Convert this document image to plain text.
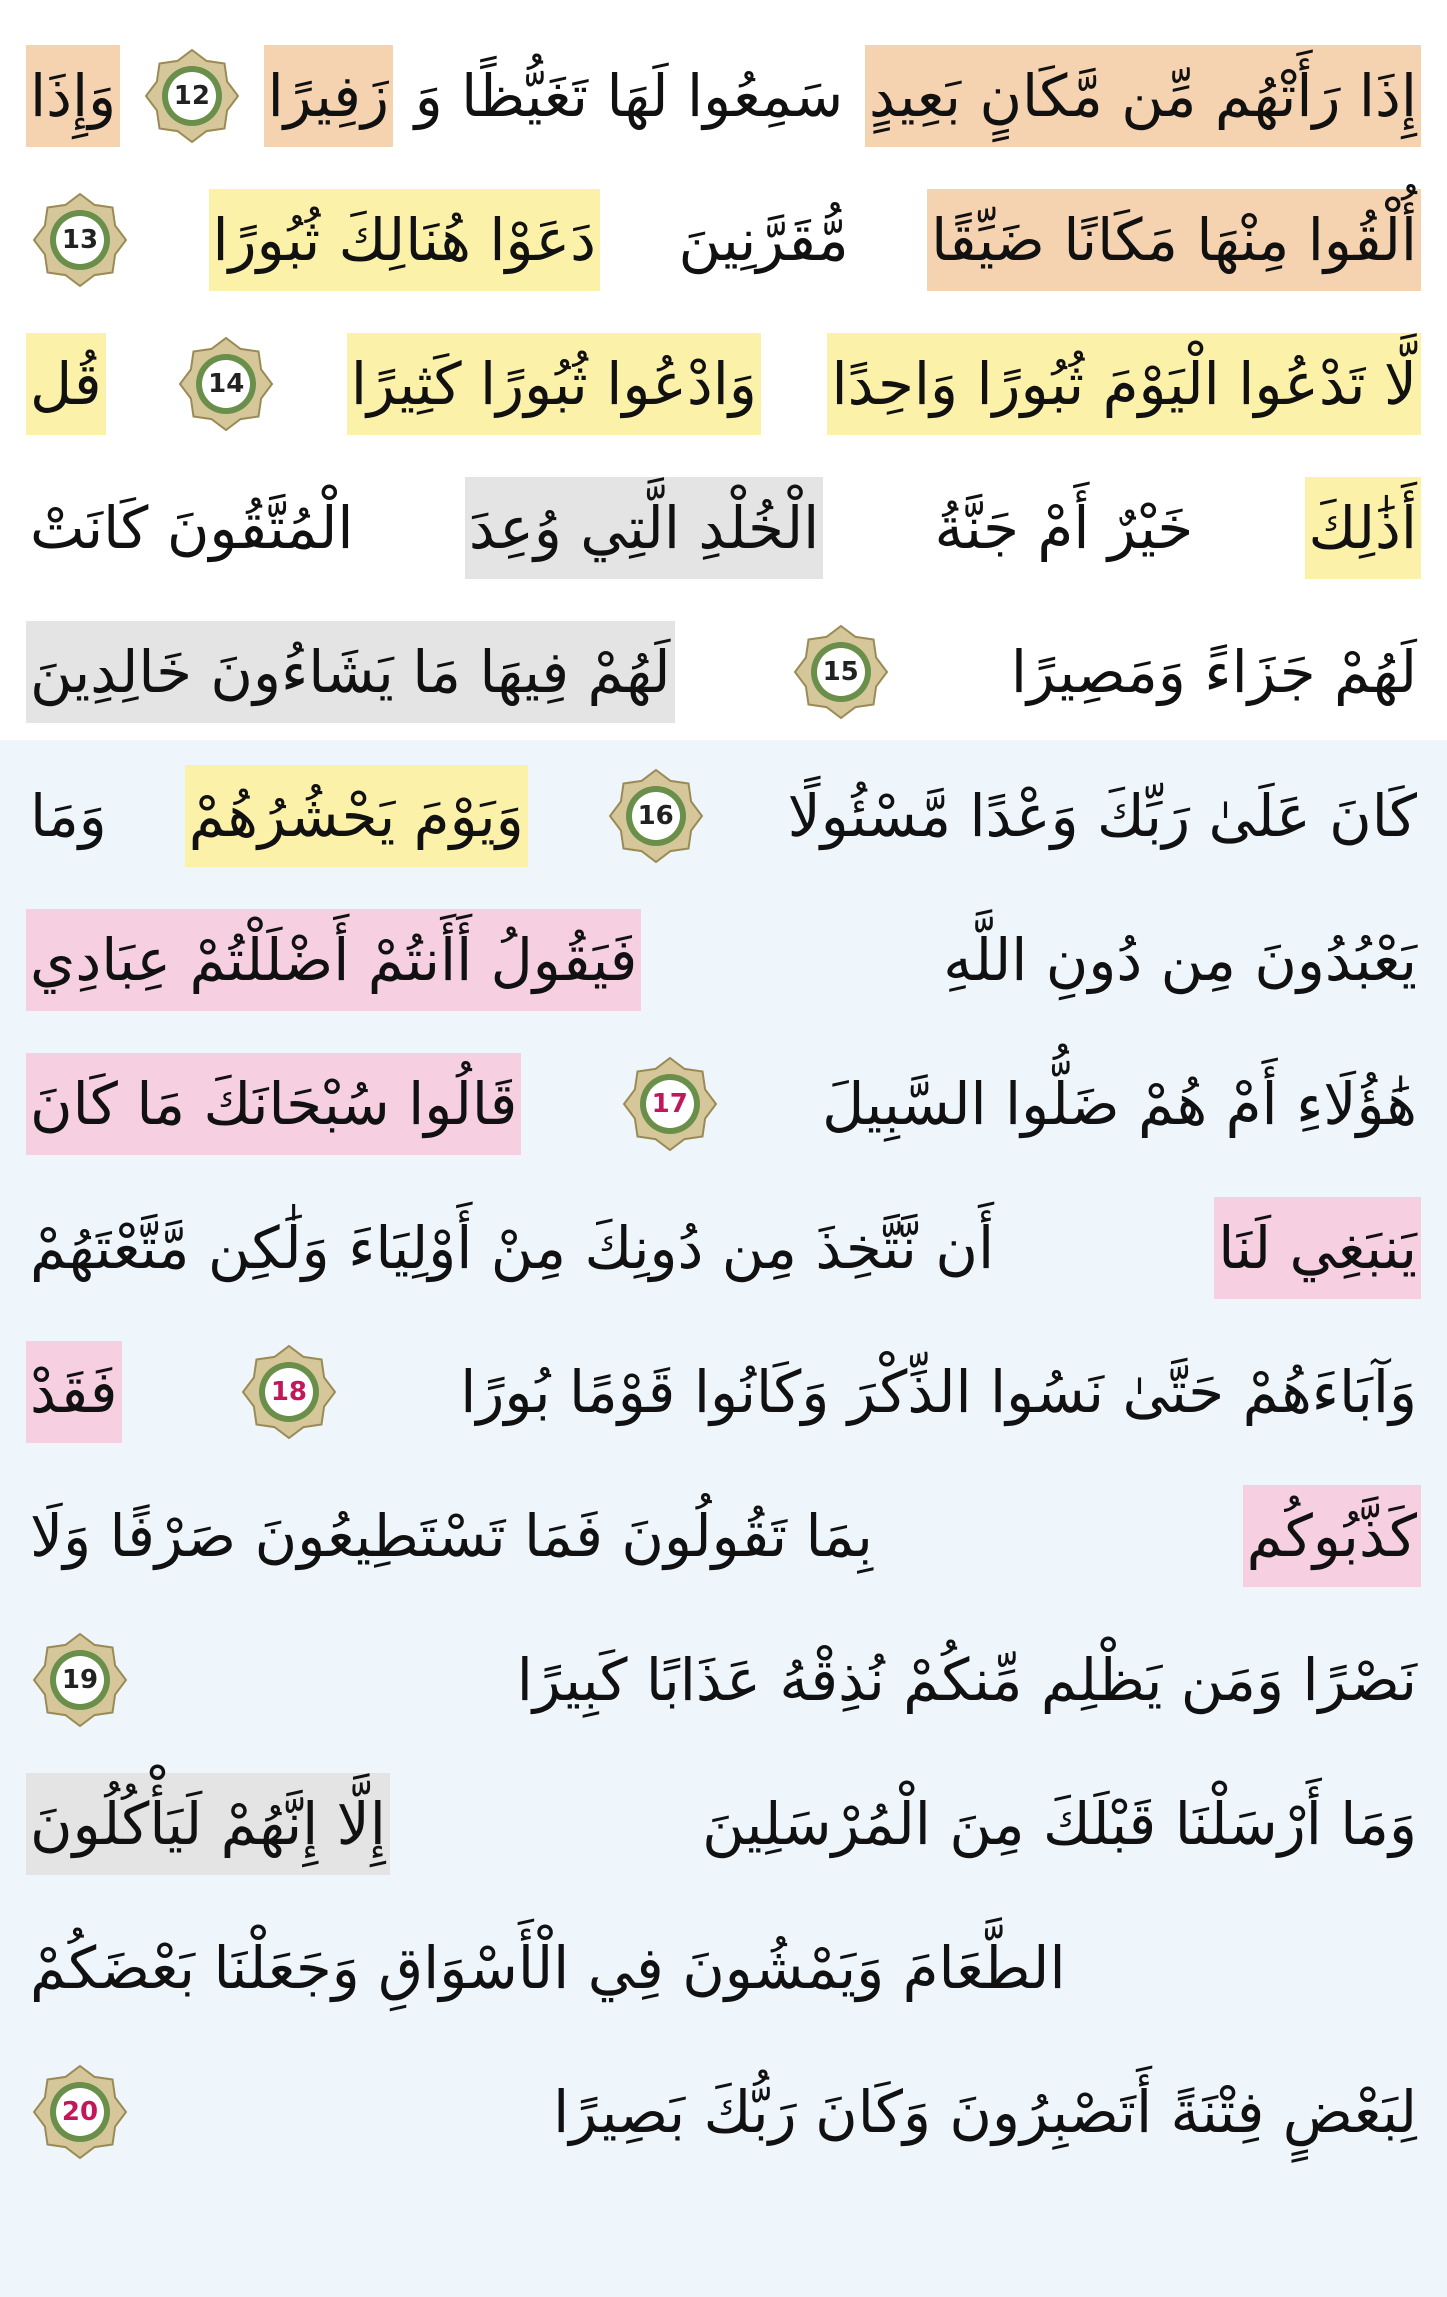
وَإِذَا 12 زَفِيرًا سَمِعُوا لَهَا تَغَيُّظًا وَ إِذَا رَأَتْهُم مِّن مَّكَانٍ بَعِيدٍ
13 دَعَوْا هُنَالِكَ ثُبُورًا مُّقَرَّنِينَ أُلْقُوا مِنْهَا مَكَانًا ضَيِّقًا
قُل	14 وَادْعُوا ثُبُورًا كَثِيرًا لَّا تَدْعُوا الْيَوْمَ ثُبُورًا وَاحِدًا
الْمُتَّقُونَ كَانَتْ الْخُلْدِ الَّتِي وُعِدَ خَيْرٌ أَمْ جَنَّةُ أَذَٰلِكَ
لَهُمْ فِيهَا مَا يَشَاءُونَ خَالِدِينَ	15	لَهُمْ جَزَاءً وَمَصِيرًا
وَمَا وَيَوْمَ يَحْشُرُهُمْ	16 كَانَ عَلَىٰ رَبِّكَ وَعْدًا مَّسْئُولًا
فَيَقُولُ أَأَنتُمْ أَضْلَلْتُمْ عِبَادِي	يَعْبُدُونَ مِن دُونِ اللَّهِ
قَالُوا سُبْحَانَكَ مَا كَانَ	17 هَٰؤُلَاءِ أَمْ هُمْ ضَلُّوا السَّبِيلَ
أَن نَّتَّخِذَ مِن دُونِكَ مِنْ أَوْلِيَاءَ وَلَٰكِن مَّتَّعْتَهُمْ	يَنبَغِي لَنَا
فَقَدْ	18	وَآبَاءَهُمْ حَتَّىٰ نَسُوا الذِّكْرَ وَكَانُوا قَوْمًا بُورًا
بِمَا تَقُولُونَ فَمَا تَسْتَطِيعُونَ صَرْفًا وَلَا	كَذَّبُوكُم
19	نَصْرًا وَمَن يَظْلِم مِّنكُمْ نُذِقْهُ عَذَابًا كَبِيرًا
إِلَّا إِنَّهُمْ لَيَأْكُلُونَ	وَمَا أَرْسَلْنَا قَبْلَكَ مِنَ الْمُرْسَلِينَ
الطَّعَامَ وَيَمْشُونَ فِي الْأَسْوَاقِ وَجَعَلْنَا بَعْضَكُمْ
20	لِبَعْضٍ فِتْنَةً أَتَصْبِرُونَ وَكَانَ رَبُّكَ بَصِيرًا
